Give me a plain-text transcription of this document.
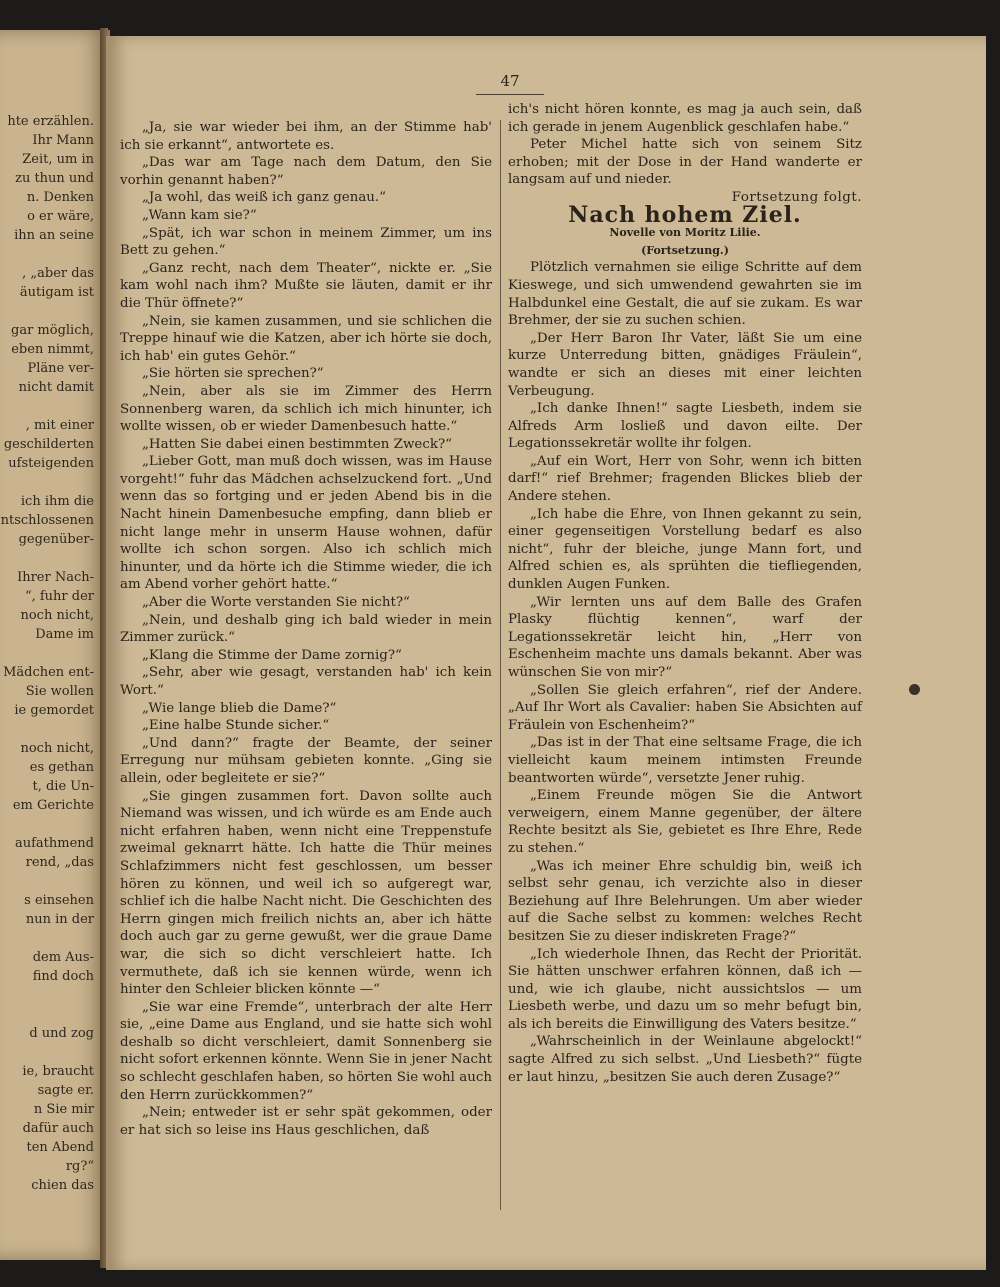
hte erzählen.
Ihr Mann
Zeit, um in
zu thun und
n. Denken
o er wäre,
ihn an seine
, „aber das
äutigam ist
gar möglich,
eben nimmt,
Pläne ver-
nicht damit
, mit einer
geschilderten
ufsteigenden
ich ihm die
ntschlossenen
gegenüber-
Ihrer Nach-
“, fuhr der
noch nicht,
Dame im
Mädchen ent-
Sie wollen
ie gemordet
noch nicht,
es gethan
t, die Un-
em Gerichte
aufathmend
rend, „das
s einsehen
nun in der
dem Aus-
find doch
d und zog
ie, braucht
sagte er.
n Sie mir
dafür auch
ten Abend
rg?“
chien das
47

„Ja, sie war wieder bei ihm, an der Stimme hab' ich sie erkannt“, antwortete es.

„Das war am Tage nach dem Datum, den Sie vorhin genannt haben?“

„Ja wohl, das weiß ich ganz genau.“

„Wann kam sie?“

„Spät, ich war schon in meinem Zimmer, um ins Bett zu gehen.“

„Ganz recht, nach dem Theater“, nickte er. „Sie kam wohl nach ihm? Mußte sie läuten, damit er ihr die Thür öffnete?“

„Nein, sie kamen zusammen, und sie schlichen die Treppe hinauf wie die Katzen, aber ich hörte sie doch, ich hab' ein gutes Gehör.“

„Sie hörten sie sprechen?“

„Nein, aber als sie im Zimmer des Herrn Sonnenberg waren, da schlich ich mich hinunter, ich wollte wissen, ob er wieder Damenbesuch hatte.“

„Hatten Sie dabei einen bestimmten Zweck?“

„Lieber Gott, man muß doch wissen, was im Hause vorgeht!“ fuhr das Mädchen achselzuckend fort. „Und wenn das so fortging und er jeden Abend bis in die Nacht hinein Damenbesuche empfing, dann blieb er nicht lange mehr in unserm Hause wohnen, dafür wollte ich schon sorgen. Also ich schlich mich hinunter, und da hörte ich die Stimme wieder, die ich am Abend vorher gehört hatte.“

„Aber die Worte verstanden Sie nicht?“

„Nein, und deshalb ging ich bald wieder in mein Zimmer zurück.“

„Klang die Stimme der Dame zornig?“

„Sehr, aber wie gesagt, verstanden hab' ich kein Wort.“

„Wie lange blieb die Dame?“

„Eine halbe Stunde sicher.“

„Und dann?“ fragte der Beamte, der seiner Erregung nur mühsam gebieten konnte. „Ging sie allein, oder begleitete er sie?“

„Sie gingen zusammen fort. Davon sollte auch Niemand was wissen, und ich würde es am Ende auch nicht erfahren haben, wenn nicht eine Treppenstufe zweimal geknarrt hätte. Ich hatte die Thür meines Schlafzimmers nicht fest geschlossen, um besser hören zu können, und weil ich so aufgeregt war, schlief ich die halbe Nacht nicht. Die Geschichten des Herrn gingen mich freilich nichts an, aber ich hätte doch auch gar zu gerne gewußt, wer die graue Dame war, die sich so dicht verschleiert hatte. Ich vermuthete, daß ich sie kennen würde, wenn ich hinter den Schleier blicken könnte —“

„Sie war eine Fremde“, unterbrach der alte Herr sie, „eine Dame aus England, und sie hatte sich wohl deshalb so dicht verschleiert, damit Sonnenberg sie nicht sofort erkennen könnte. Wenn Sie in jener Nacht so schlecht geschlafen haben, so hörten Sie wohl auch den Herrn zurückkommen?“

„Nein; entweder ist er sehr spät gekommen, oder er hat sich so leise ins Haus geschlichen, daß

ich's nicht hören konnte, es mag ja auch sein, daß ich gerade in jenem Augenblick geschlafen habe.“

Peter Michel hatte sich von seinem Sitz erhoben; mit der Dose in der Hand wanderte er langsam auf und nieder.

Fortsetzung folgt.

Nach hohem Ziel.

Novelle von Moritz Lilie.

(Fortsetzung.)

Plötzlich vernahmen sie eilige Schritte auf dem Kieswege, und sich umwendend gewahrten sie im Halbdunkel eine Gestalt, die auf sie zukam. Es war Brehmer, der sie zu suchen schien.

„Der Herr Baron Ihr Vater, läßt Sie um eine kurze Unterredung bitten, gnädiges Fräulein“, wandte er sich an dieses mit einer leichten Verbeugung.

„Ich danke Ihnen!“ sagte Liesbeth, indem sie Alfreds Arm losließ und davon eilte. Der Legationssekretär wollte ihr folgen.

„Auf ein Wort, Herr von Sohr, wenn ich bitten darf!“ rief Brehmer; fragenden Blickes blieb der Andere stehen.

„Ich habe die Ehre, von Ihnen gekannt zu sein, einer gegenseitigen Vorstellung bedarf es also nicht“, fuhr der bleiche, junge Mann fort, und Alfred schien es, als sprühten die tiefliegenden, dunklen Augen Funken.

„Wir lernten uns auf dem Balle des Grafen Plasky flüchtig kennen“, warf der Legationssekretär leicht hin, „Herr von Eschenheim machte uns damals bekannt. Aber was wünschen Sie von mir?“

„Sollen Sie gleich erfahren“, rief der Andere. „Auf Ihr Wort als Cavalier: haben Sie Absichten auf Fräulein von Eschenheim?“

„Das ist in der That eine seltsame Frage, die ich vielleicht kaum meinem intimsten Freunde beantworten würde“, versetzte Jener ruhig.

„Einem Freunde mögen Sie die Antwort verweigern, einem Manne gegenüber, der ältere Rechte besitzt als Sie, gebietet es Ihre Ehre, Rede zu stehen.“

„Was ich meiner Ehre schuldig bin, weiß ich selbst sehr genau, ich verzichte also in dieser Beziehung auf Ihre Belehrungen. Um aber wieder auf die Sache selbst zu kommen: welches Recht besitzen Sie zu dieser indiskreten Frage?“

„Ich wiederhole Ihnen, das Recht der Priorität. Sie hätten unschwer erfahren können, daß ich — und, wie ich glaube, nicht aussichtslos — um Liesbeth werbe, und dazu um so mehr befugt bin, als ich bereits die Einwilligung des Vaters besitze.“

„Wahrscheinlich in der Weinlaune abgelockt!“ sagte Alfred zu sich selbst. „Und Liesbeth?“ fügte er laut hinzu, „besitzen Sie auch deren Zusage?“
